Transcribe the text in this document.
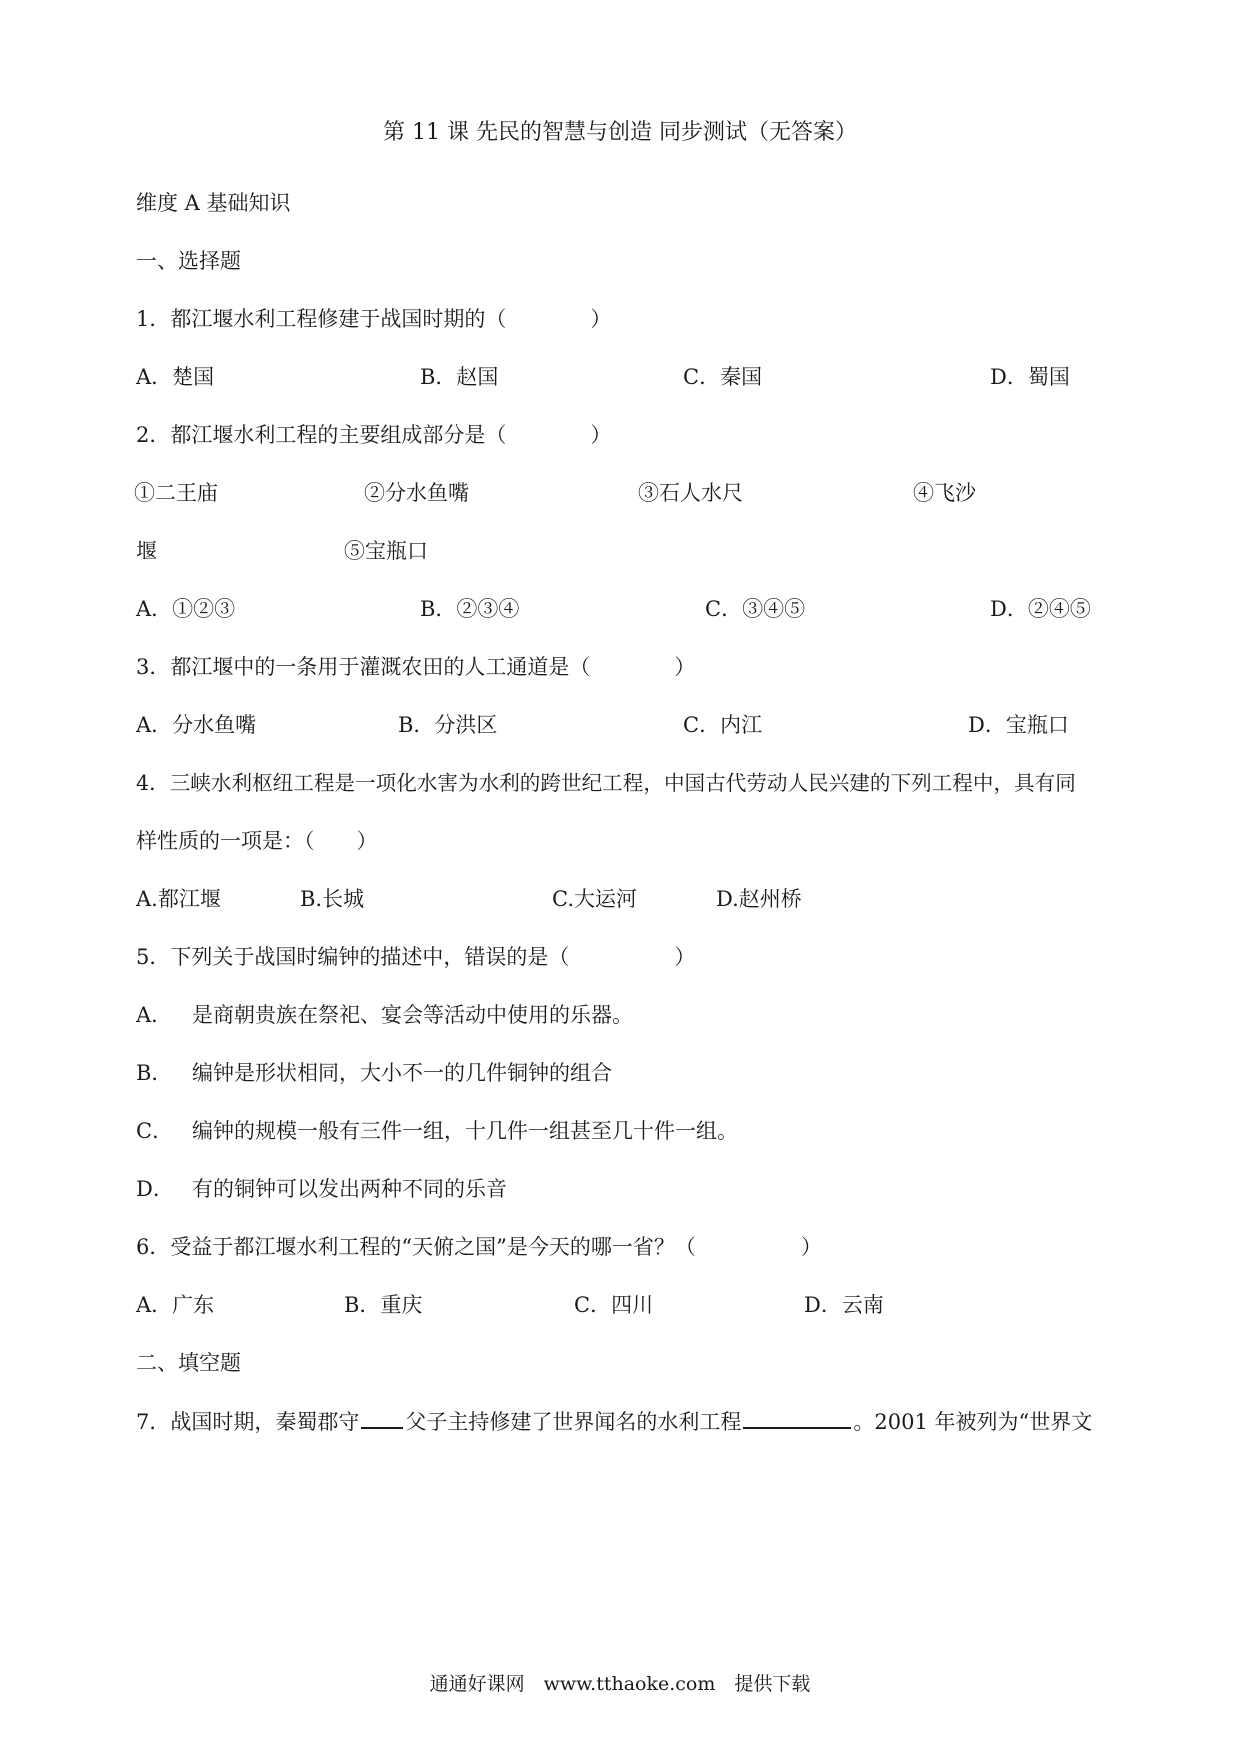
第 11 课 先民的智慧与创造 同步测试（无答案）
维度 A 基础知识
一、选择题
1．都江堰水利工程修建于战国时期的（　　　　）
A．楚国	B．赵国	C．秦国	D．蜀国
2．都江堰水利工程的主要组成部分是（　　　　）
①二王庙	②分水鱼嘴	③石人水尺	④飞沙
堰	⑤宝瓶口
A．①②③	B．②③④	C．③④⑤	D．②④⑤
3．都江堰中的一条用于灌溉农田的人工通道是（　　　　）
A．分水鱼嘴	B．分洪区	C．内江	D．宝瓶口
4．三峡水利枢纽工程是一项化水害为水利的跨世纪工程，中国古代劳动人民兴建的下列工程中，具有同
样性质的一项是：（　　）
A.都江堰	B.长城	C.大运河	D.赵州桥
5．下列关于战国时编钟的描述中，错误的是（　　　　　）
A． 是商朝贵族在祭祀、宴会等活动中使用的乐器。
B． 编钟是形状相同，大小不一的几件铜钟的组合
C． 编钟的规模一般有三件一组，十几件一组甚至几十件一组。
D． 有的铜钟可以发出两种不同的乐音
6．受益于都江堰水利工程的“天俯之国”是今天的哪一省？（　　　　　）
A．广东	B．重庆	C．四川	D．云南
二、填空题
7．战国时期，秦蜀郡守 父子主持修建了世界闻名的水利工程	。2001 年被列为“世界文
通通好课网　www.tthaoke.com　提供下载
